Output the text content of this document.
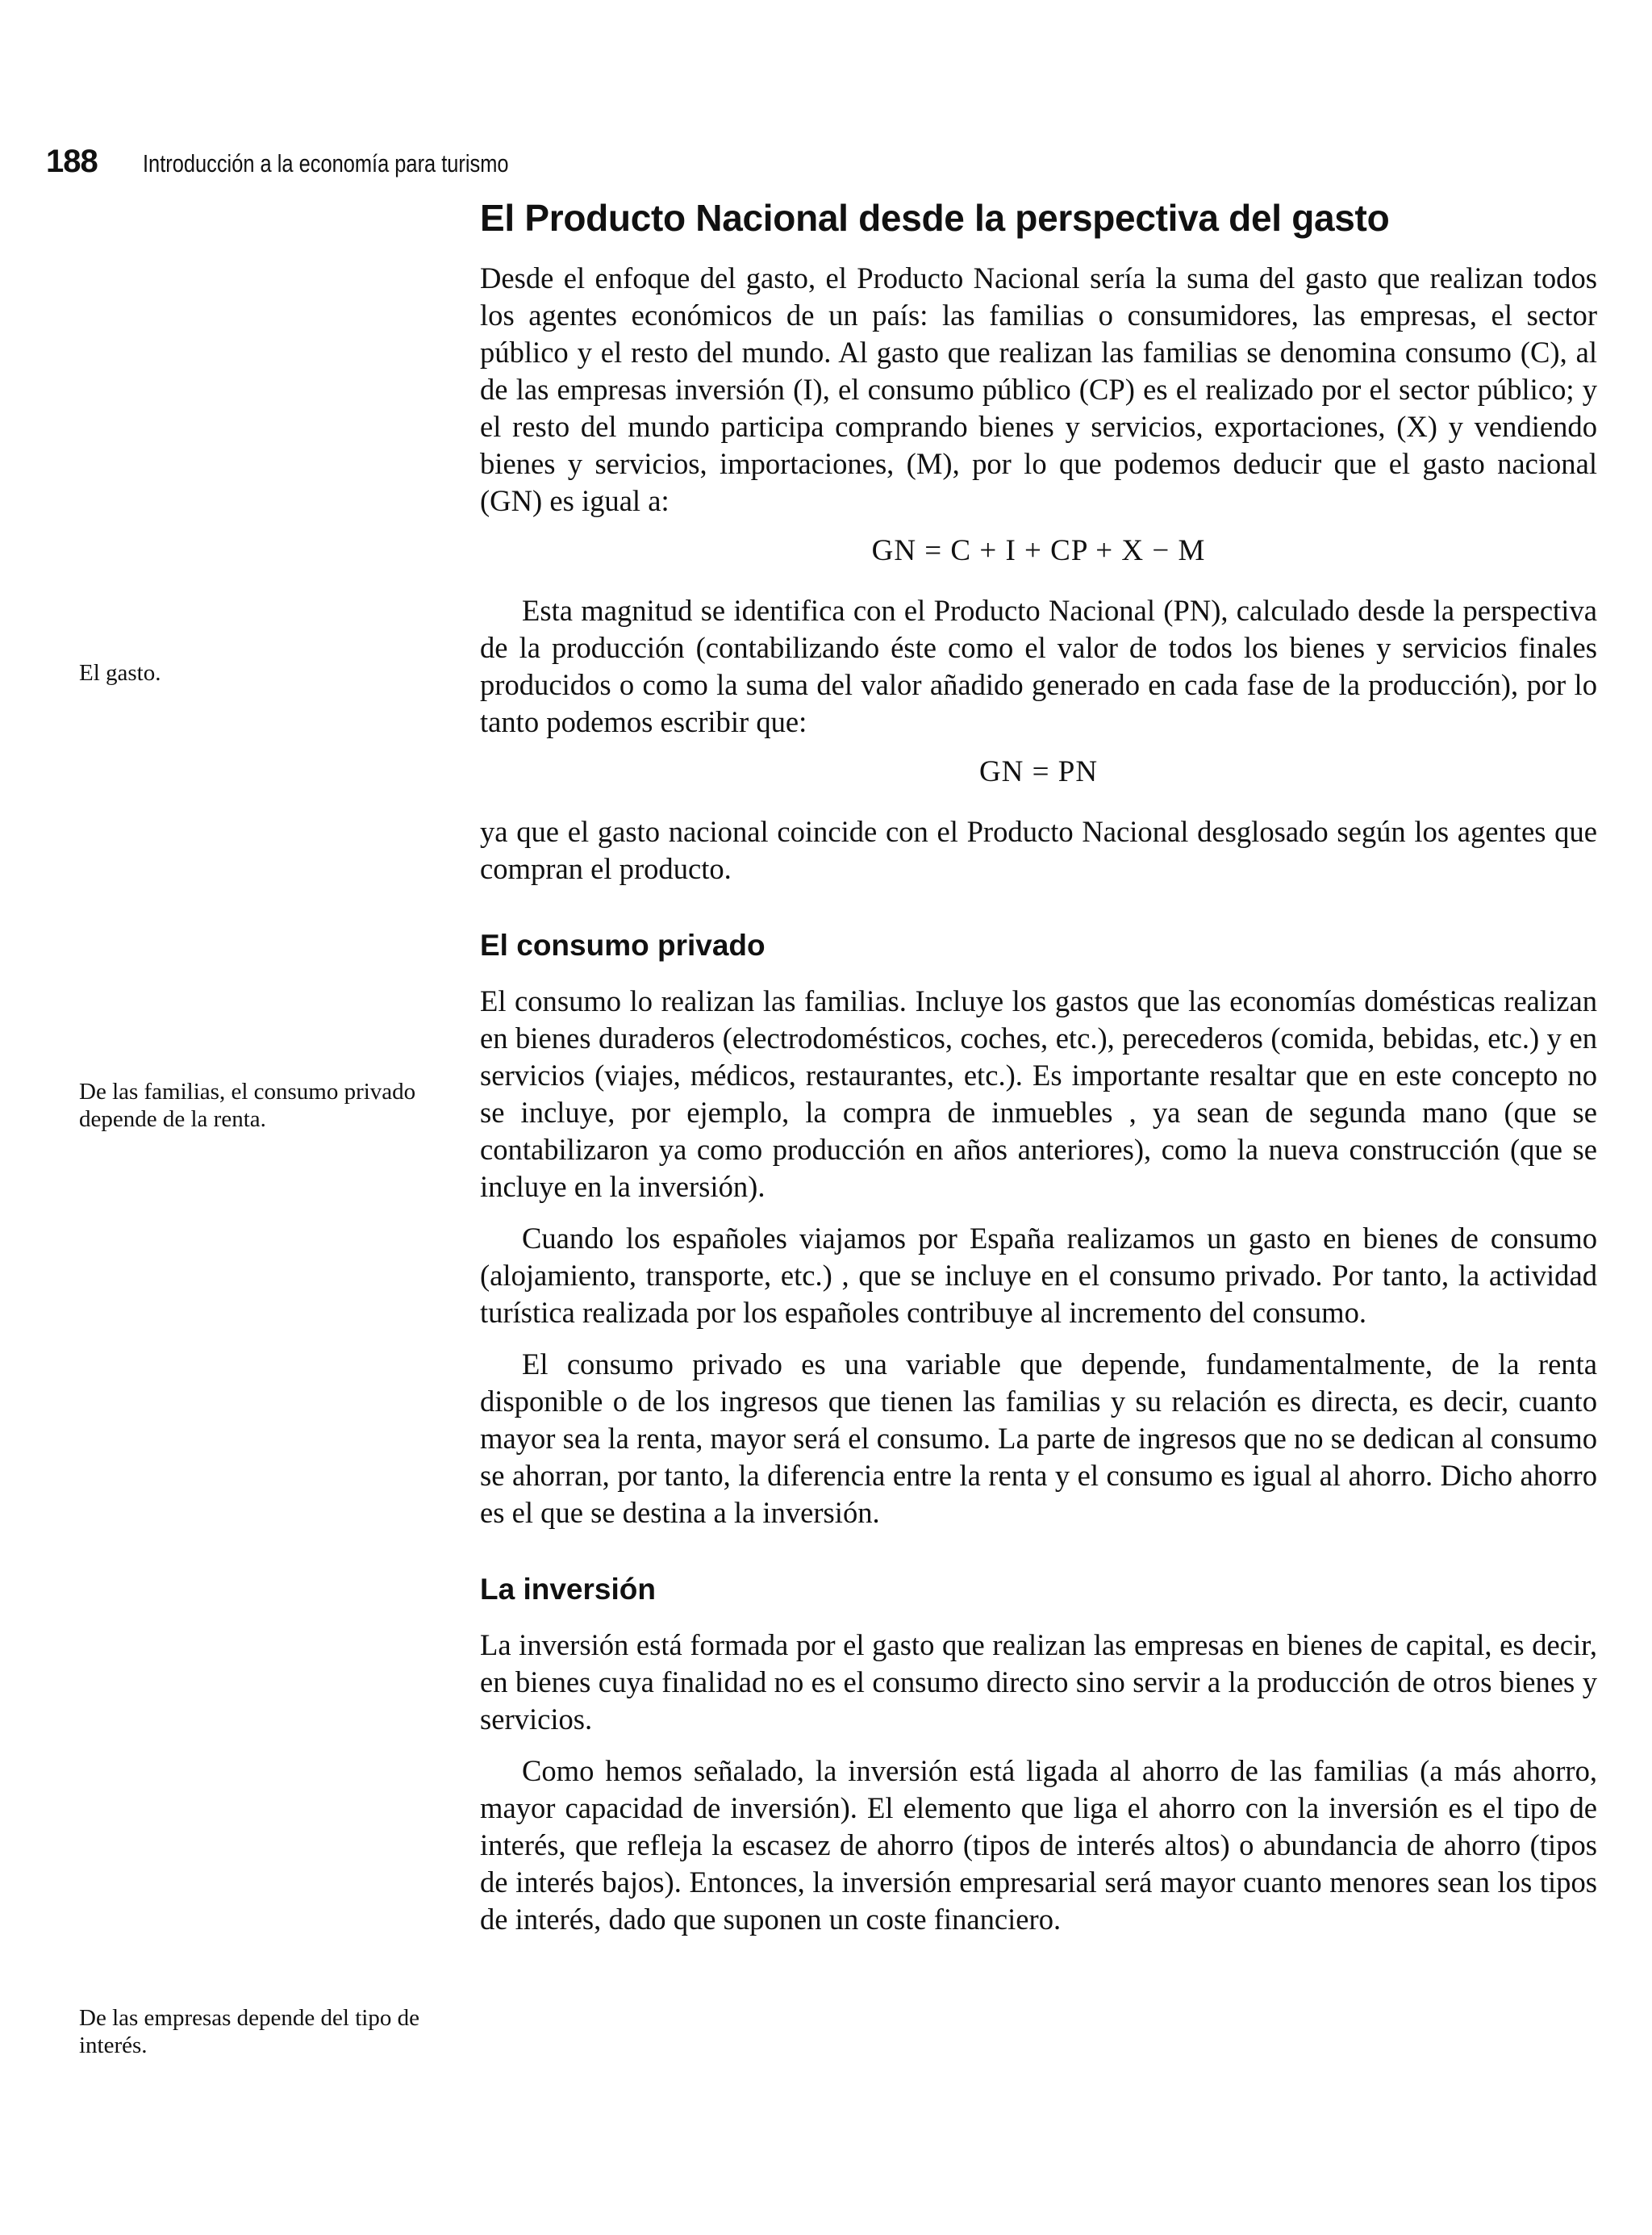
188 Introducción a la economía para turismo
El gasto.
De las familias, el consumo privado depende de la renta.
De las empresas depende del tipo de interés.
El Producto Nacional desde la perspectiva del gasto

Desde el enfoque del gasto, el Producto Nacional sería la suma del gasto que realizan todos los agentes económicos de un país: las familias o consumidores, las empresas, el sector público y el resto del mundo. Al gasto que realizan las familias se denomina consumo (C), al de las empresas inversión (I), el consumo público (CP) es el realizado por el sector público; y el resto del mundo participa comprando bienes y servicios, exportaciones, (X) y vendiendo bienes y servicios, importaciones, (M), por lo que podemos deducir que el gasto nacional (GN) es igual a:

GN = C + I + CP + X − M

Esta magnitud se identifica con el Producto Nacional (PN), calculado desde la perspectiva de la producción (contabilizando éste como el valor de todos los bienes y servicios finales producidos o como la suma del valor añadido generado en cada fase de la producción), por lo tanto podemos escribir que:

GN = PN

ya que el gasto nacional coincide con el Producto Nacional desglosado según los agentes que compran el producto.

El consumo privado

El consumo lo realizan las familias. Incluye los gastos que las economías domésticas realizan en bienes duraderos (electrodomésticos, coches, etc.), perecederos (comida, bebidas, etc.) y en servicios (viajes, médicos, restaurantes, etc.). Es importante resaltar que en este concepto no se incluye, por ejemplo, la compra de inmuebles , ya sean de segunda mano (que se contabilizaron ya como producción en años anteriores), como la nueva construcción (que se incluye en la inversión).

Cuando los españoles viajamos por España realizamos un gasto en bienes de consumo (alojamiento, transporte, etc.) , que se incluye en el consumo privado. Por tanto, la actividad turística realizada por los españoles contribuye al incremento del consumo.

El consumo privado es una variable que depende, fundamentalmente, de la renta disponible o de los ingresos que tienen las familias y su relación es directa, es decir, cuanto mayor sea la renta, mayor será el consumo. La parte de ingresos que no se dedican al consumo se ahorran, por tanto, la diferencia entre la renta y el consumo es igual al ahorro. Dicho ahorro es el que se destina a la inversión.

La inversión

La inversión está formada por el gasto que realizan las empresas en bienes de capital, es decir, en bienes cuya finalidad no es el consumo directo sino servir a la producción de otros bienes y servicios.

Como hemos señalado, la inversión está ligada al ahorro de las familias (a más ahorro, mayor capacidad de inversión). El elemento que liga el ahorro con la inversión es el tipo de interés, que refleja la escasez de ahorro (tipos de interés altos) o abundancia de ahorro (tipos de interés bajos). Entonces, la inversión empresarial será mayor cuanto menores sean los tipos de interés, dado que suponen un coste financiero.
